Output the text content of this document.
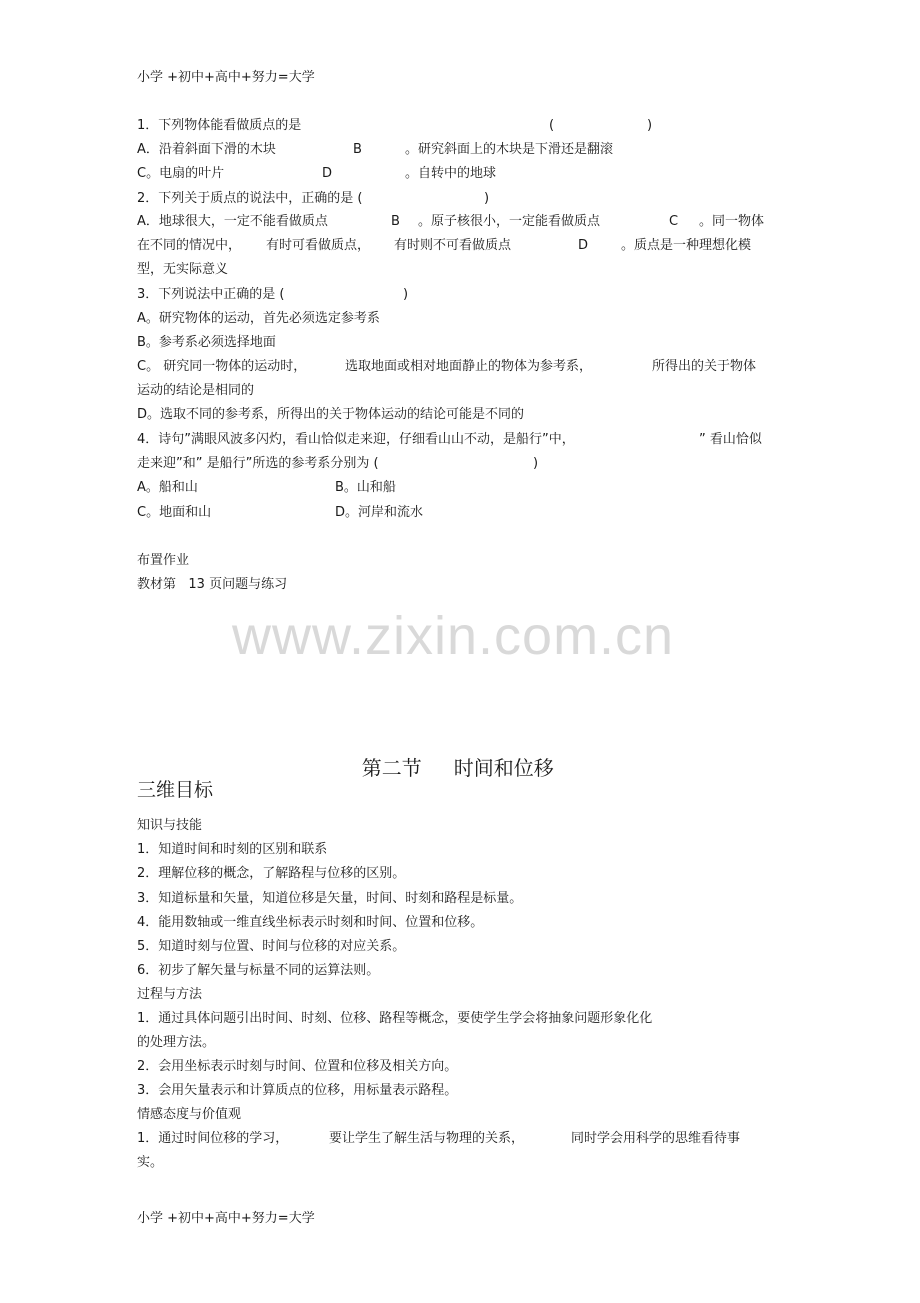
小学 +初中+高中+努力=大学
1．下列物体能看做质点的是	(	)
A．沿着斜面下滑的木块	B	。研究斜面上的木块是下滑还是翻滚
C。电扇的叶片	D	。自转中的地球
2．下列关于质点的说法中，正确的是 (	)
A．地球很大，一定不能看做质点	B 。原子核很小，一定能看做质点	C 。同一物体
在不同的情况中， 有时可看做质点， 有时则不可看做质点	D	。质点是一种理想化模
型，无实际意义
3．下列说法中正确的是 (	)
A。研究物体的运动，首先必须选定参考系
B。参考系必须选择地面
C。 研究同一物体的运动时，	选取地面或相对地面静止的物体为参考系，	所得出的关于物体
运动的结论是相同的
D。选取不同的参考系，所得出的关于物体运动的结论可能是不同的
4．诗句”满眼风波多闪灼，看山恰似走来迎，仔细看山山不动，是船行”中，	” 看山恰似
走来迎”和” 是船行”所选的参考系分别为 (	)
A。船和山	B。山和船
C。地面和山	D。河岸和流水
布置作业
教材第   13 页问题与练习
www.zixin.com.cn

第二节 时间和位移

三维目标
知识与技能
1．知道时间和时刻的区别和联系
2．理解位移的概念，了解路程与位移的区别。
3．知道标量和矢量，知道位移是矢量，时间、时刻和路程是标量。
4．能用数轴或一维直线坐标表示时刻和时间、位置和位移。
5．知道时刻与位置、时间与位移的对应关系。
6．初步了解矢量与标量不同的运算法则。
过程与方法
1．通过具体问题引出时间、时刻、位移、路程等概念，要使学生学会将抽象问题形象化化
的处理方法。
2．会用坐标表示时刻与时间、位置和位移及相关方向。
3．会用矢量表示和计算质点的位移，用标量表示路程。
情感态度与价值观
1．通过时间位移的学习，	要让学生了解生活与物理的关系，	同时学会用科学的思维看待事
实。
小学 +初中+高中+努力=大学
